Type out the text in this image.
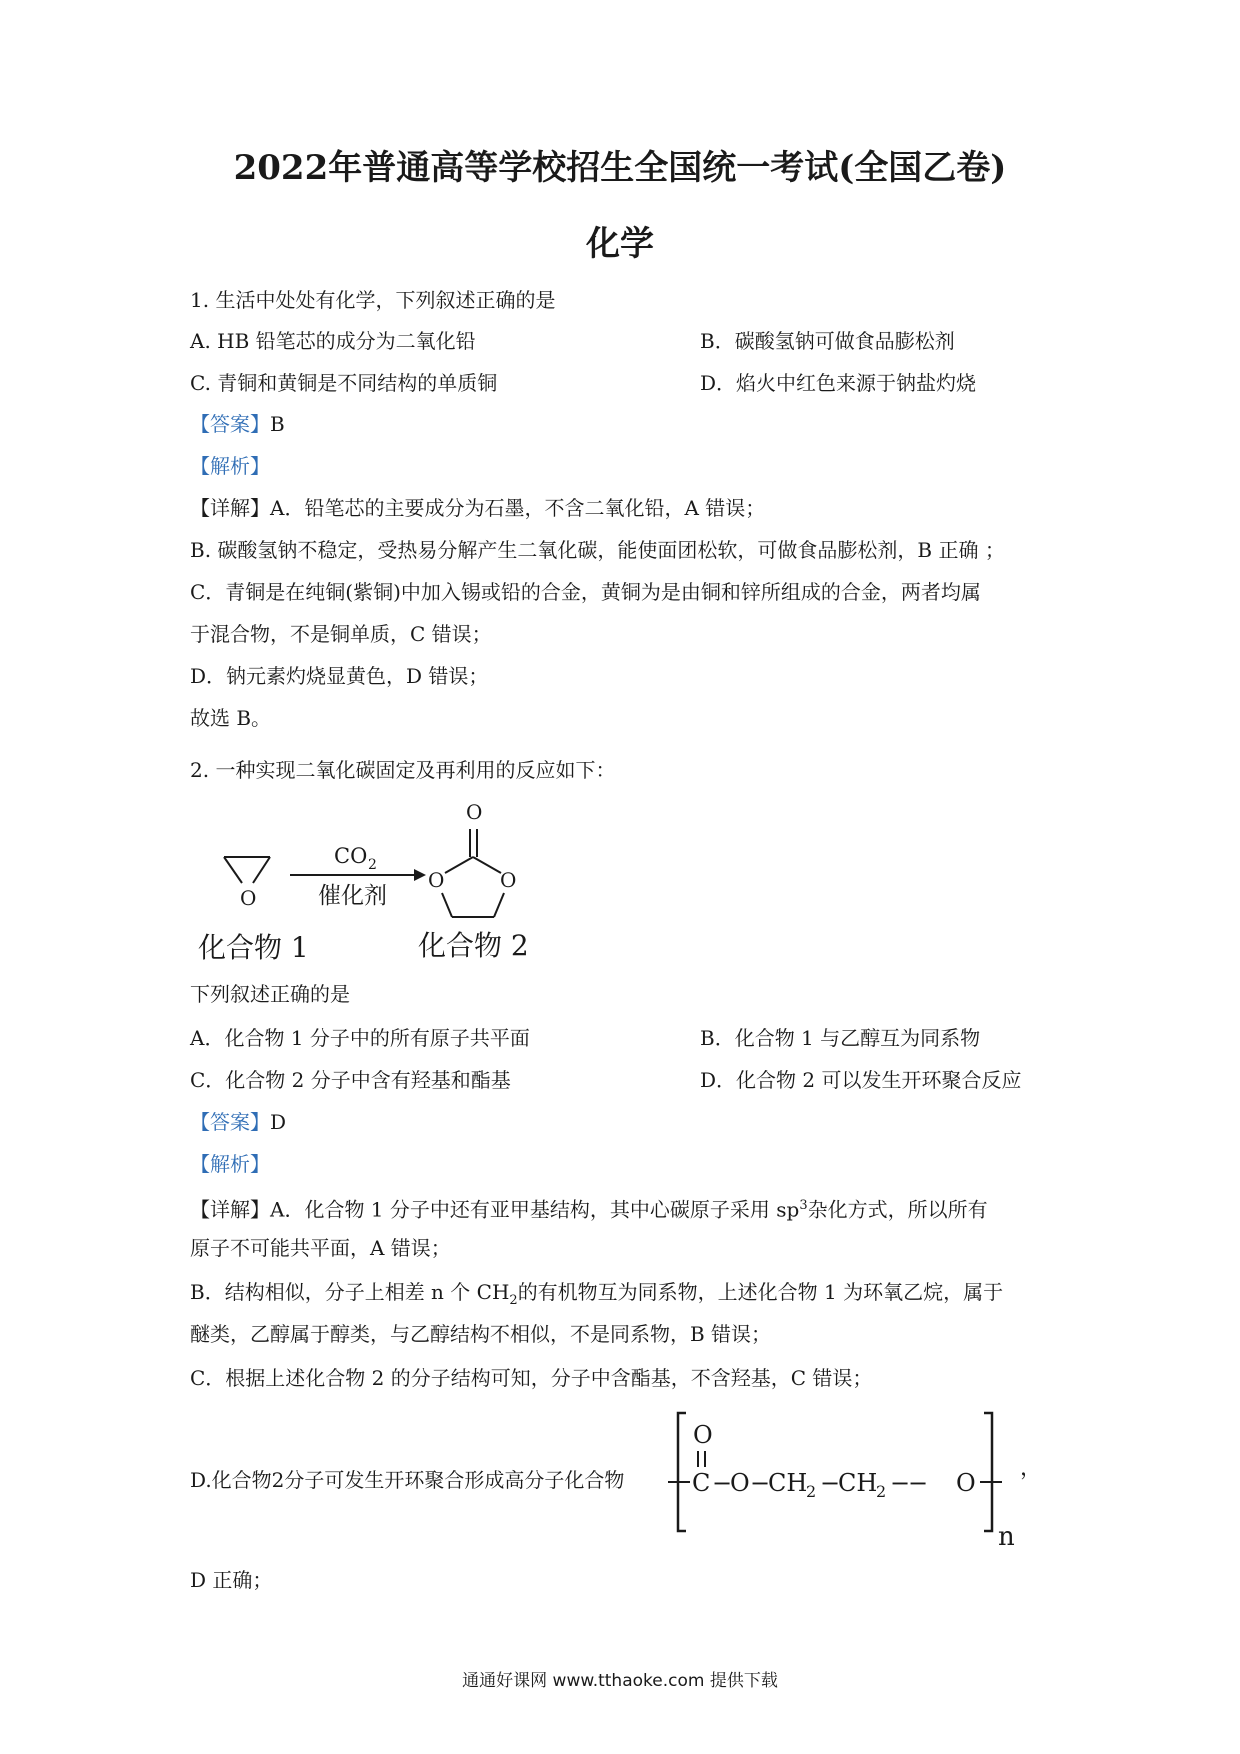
2022年普通高等学校招生全国统一考试(全国乙卷)
化学
1. 生活中处处有化学，下列叙述正确的是
A. HB 铅笔芯的成分为二氧化铅	B．碳酸氢钠可做食品膨松剂
C. 青铜和黄铜是不同结构的单质铜	D．焰火中红色来源于钠盐灼烧
【答案】B
【解析】
【详解】A．铅笔芯的主要成分为石墨，不含二氧化铅，A 错误；
B. 碳酸氢钠不稳定，受热易分解产生二氧化碳，能使面团松软，可做食品膨松剂，B 正确 ；
C．青铜是在纯铜(紫铜)中加入锡或铅的合金，黄铜为是由铜和锌所组成的合金，两者均属
于混合物，不是铜单质，C 错误；
D．钠元素灼烧显黄色，D 错误；
故选 B。
2. 一种实现二氧化碳固定及再利用的反应如下：
O
CO 2
催化剂
O
O	O
化合物 1	化合物 2
下列叙述正确的是
A．化合物 1 分子中的所有原子共平面	B．化合物 1 与乙醇互为同系物
C．化合物 2 分子中含有羟基和酯基	D．化合物 2 可以发生开环聚合反应
【答案】D
【解析】
【详解】A．化合物 1 分子中还有亚甲基结构，其中心碳原子采用 $sp^3$杂化方式，所以所有
原子不可能共平面，A 错误；
B．结构相似，分子上相差 n 个 $CH_2$的有机物互为同系物，上述化合物 1 为环氧乙烷，属于
醚类，乙醇属于醇类，与乙醇结构不相似，不是同系物，B 错误；
C．根据上述化合物 2 的分子结构可知，分子中含酯基，不含羟基，C 错误；
D.化合物2分子可发生开环聚合形成高分子化合物
O
C −
O −
CH
2 −
CH
2 − O
−
n
，
D 正确；
通通好课网 www.tthaoke.com 提供下载
